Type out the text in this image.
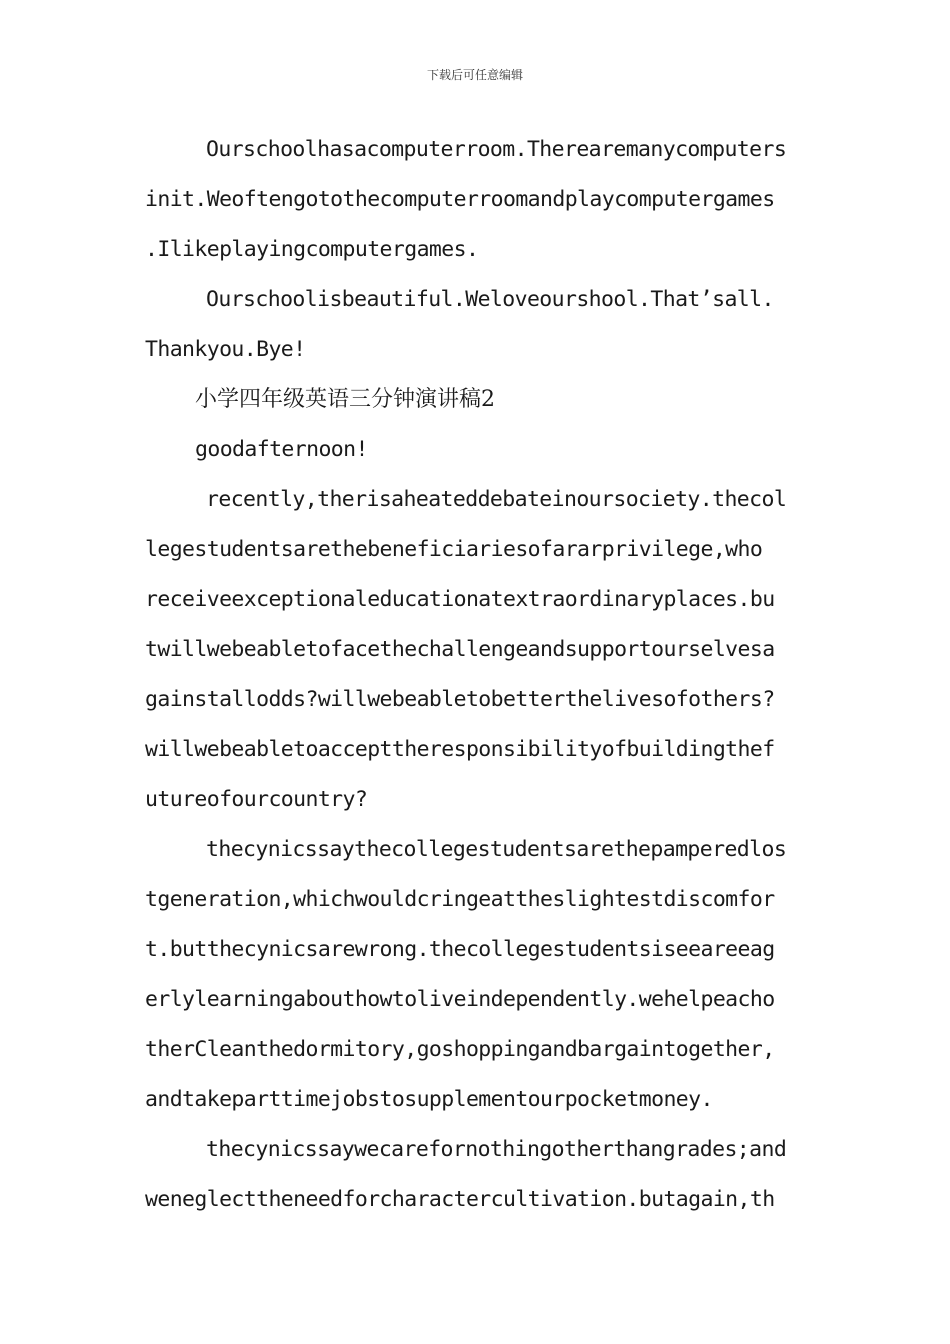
下载后可任意编辑
Ourschoolhasacomputerroom.Therearemanycomputers
init.Weoftengotothecomputerroomandplaycomputergames
.Ilikeplayingcomputergames.
Ourschoolisbeautiful.Weloveourshool.That’sall.
Thankyou.Bye!
小学四年级英语三分钟演讲稿2
goodafternoon!
recently,therisaheateddebateinoursociety.thecol
legestudentsarethebeneficiariesofararprivilege,who
receiveexceptionaleducationatextraordinaryplaces.bu
twillwebeabletofacethechallengeandsupportourselvesa
gainstallodds?willwebeabletobetterthelivesofothers?
willwebeabletoaccepttheresponsibilityofbuildingthef
utureofourcountry?
thecynicssaythecollegestudentsarethepamperedlos
tgeneration,whichwouldcringeattheslightestdiscomfor
t.butthecynicsarewrong.thecollegestudentsiseeareeag
erlylearningabouthowtoliveindependently.wehelpeacho
therCleanthedormitory,goshoppingandbargaintogether,
andtakeparttimejobstosupplementourpocketmoney.
thecynicssaywecarefornothingotherthangrades;and
weneglecttheneedforcharactercultivation.butagain,th
